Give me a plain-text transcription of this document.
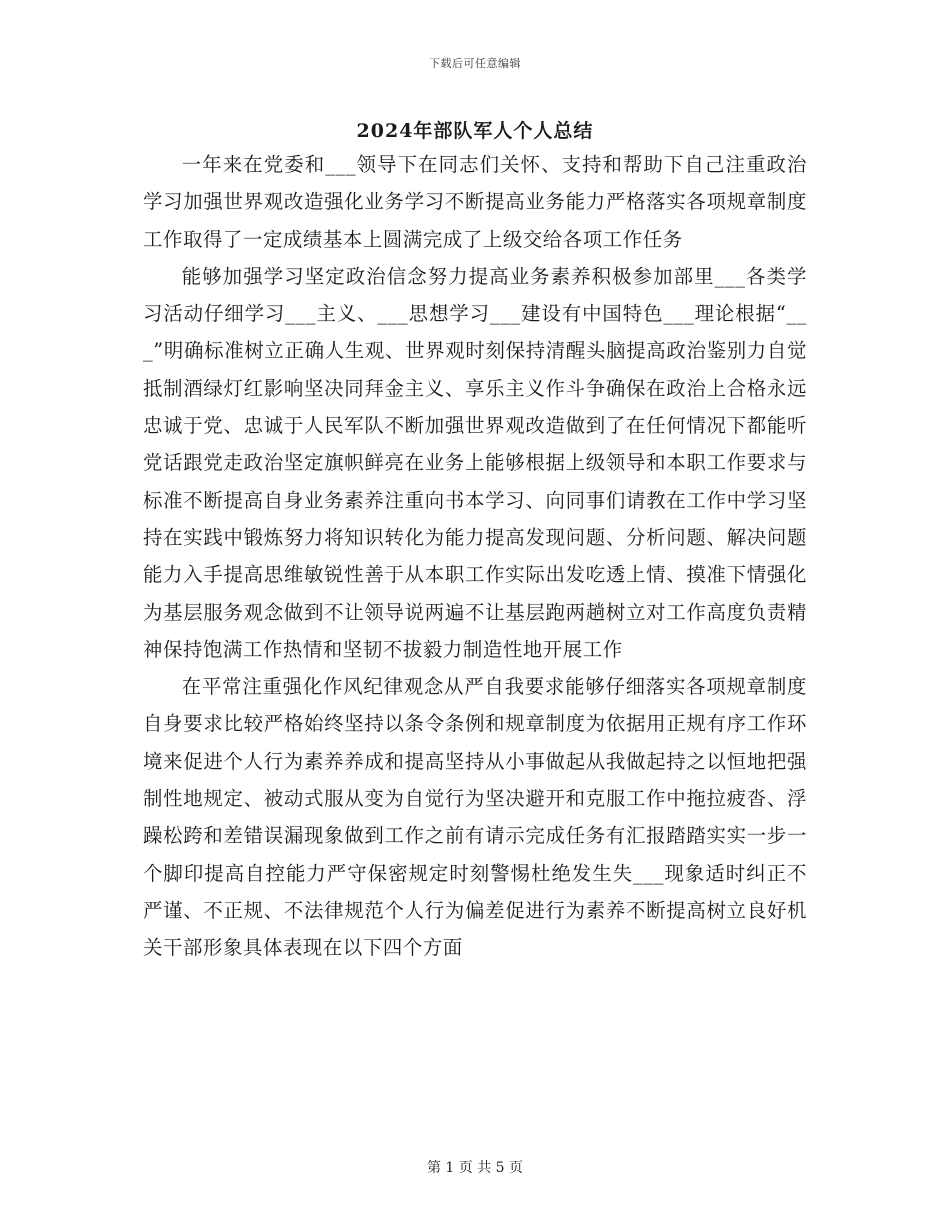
下载后可任意编辑
2024年部队军人个人总结

一年来在党委和___领导下在同志们关怀、支持和帮助下自己注重政治学习加强世界观改造强化业务学习不断提高业务能力严格落实各项规章制度工作取得了一定成绩基本上圆满完成了上级交给各项工作任务

能够加强学习坚定政治信念努力提高业务素养积极参加部里___各类学习活动仔细学习___主义、___思想学习___建设有中国特色___理论根据“___”明确标准树立正确人生观、世界观时刻保持清醒头脑提高政治鉴别力自觉抵制酒绿灯红影响坚决同拜金主义、享乐主义作斗争确保在政治上合格永远忠诚于党、忠诚于人民军队不断加强世界观改造做到了在任何情况下都能听党话跟党走政治坚定旗帜鲜亮在业务上能够根据上级领导和本职工作要求与标准不断提高自身业务素养注重向书本学习、向同事们请教在工作中学习坚持在实践中锻炼努力将知识转化为能力提高发现问题、分析问题、解决问题能力入手提高思维敏锐性善于从本职工作实际出发吃透上情、摸准下情强化为基层服务观念做到不让领导说两遍不让基层跑两趟树立对工作高度负责精神保持饱满工作热情和坚韧不拔毅力制造性地开展工作

在平常注重强化作风纪律观念从严自我要求能够仔细落实各项规章制度自身要求比较严格始终坚持以条令条例和规章制度为依据用正规有序工作环境来促进个人行为素养养成和提高坚持从小事做起从我做起持之以恒地把强制性地规定、被动式服从变为自觉行为坚决避开和克服工作中拖拉疲沓、浮躁松跨和差错误漏现象做到工作之前有请示完成任务有汇报踏踏实实一步一个脚印提高自控能力严守保密规定时刻警惕杜绝发生失___现象适时纠正不严谨、不正规、不法律规范个人行为偏差促进行为素养不断提高树立良好机关干部形象具体表现在以下四个方面

第 1 页 共 5 页
